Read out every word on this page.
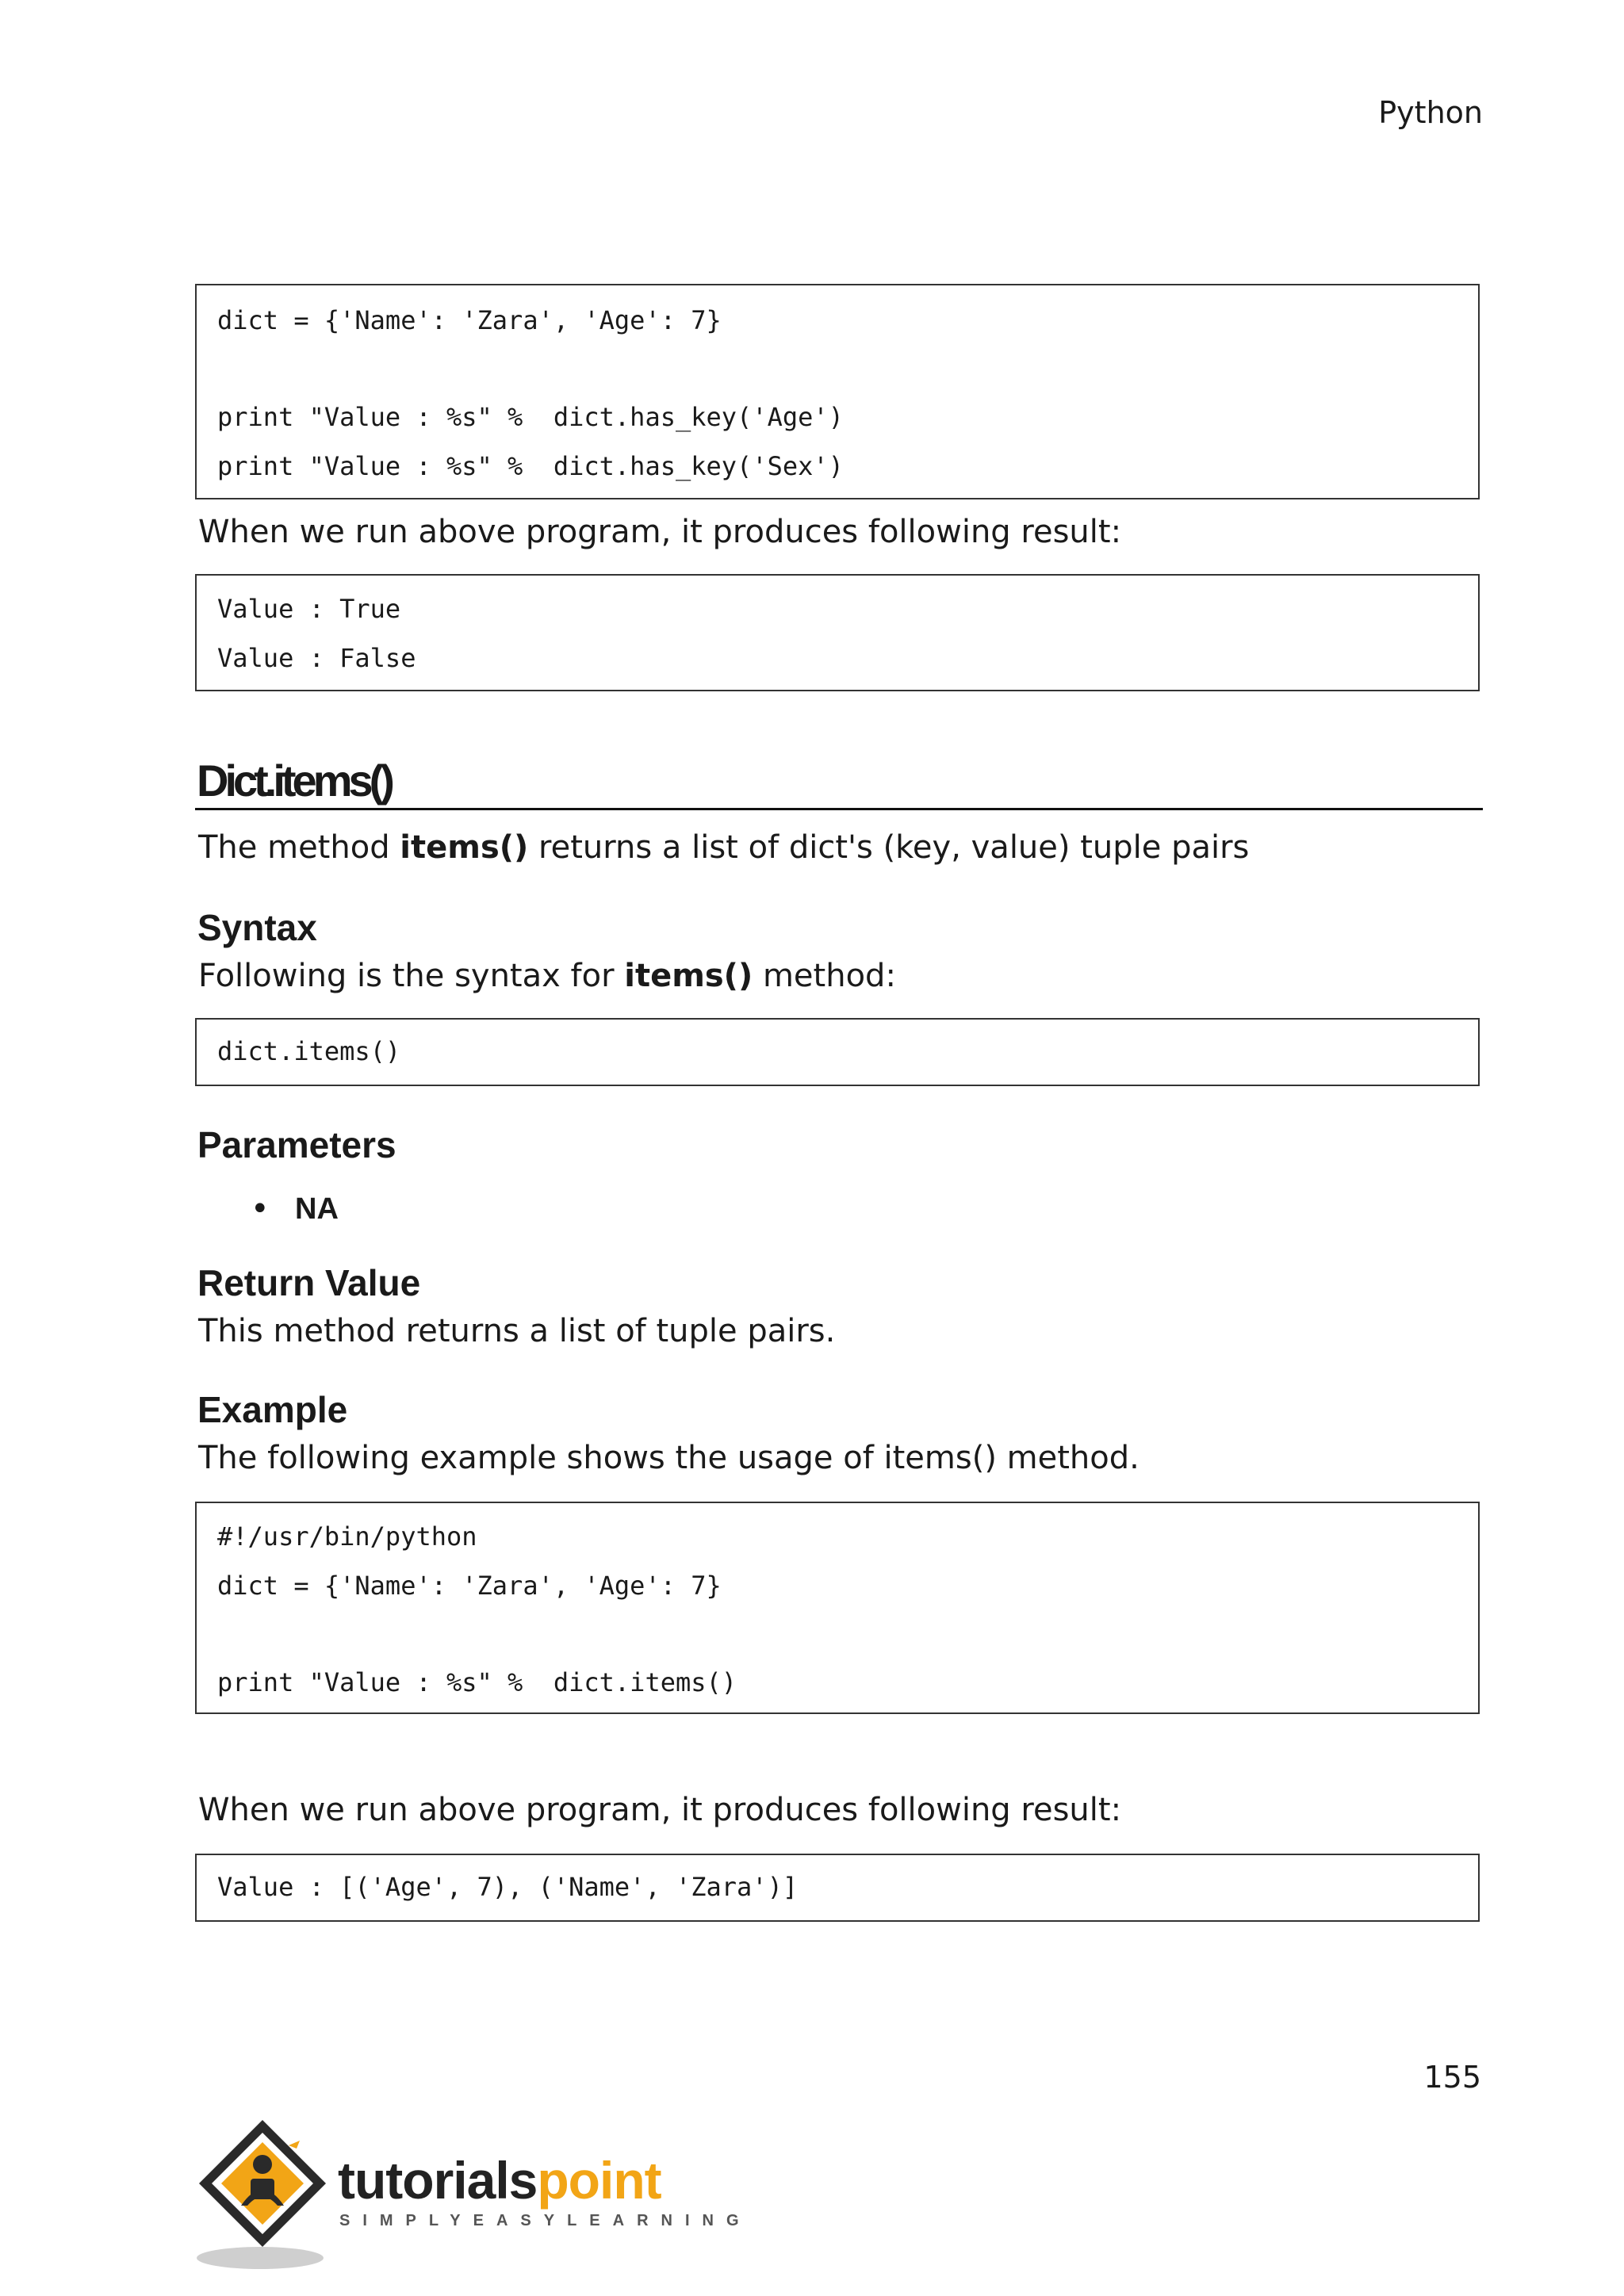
Python
dict = {'Name': 'Zara', 'Age': 7}
print "Value : %s" %  dict.has_key('Age')
print "Value : %s" %  dict.has_key('Sex')
When we run above program, it produces following result:
Value : True
Value : False
Dict.items()
The method items() returns a list of dict's (key, value) tuple pairs
Syntax
Following is the syntax for items() method:
dict.items()
Parameters
• NA
Return Value
This method returns a list of tuple pairs.
Example
The following example shows the usage of items() method.
#!/usr/bin/python
dict = {'Name': 'Zara', 'Age': 7}
print "Value : %s" %  dict.items()
When we run above program, it produces following result:
Value : [('Age', 7), ('Name', 'Zara')]
155
tutorialspoint
SIMPLYEASYLEARNING
